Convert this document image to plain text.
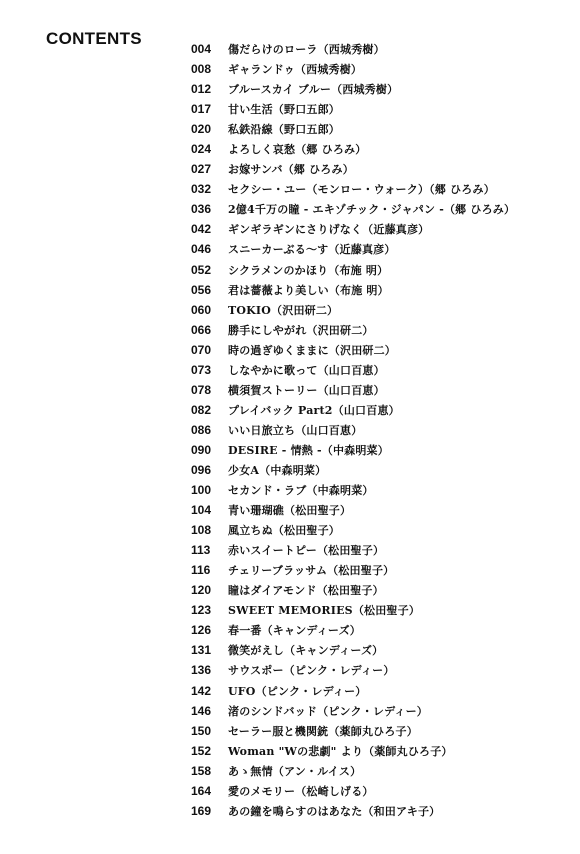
CONTENTS
004	傷だらけのローラ（西城秀樹）
008	ギャランドゥ（西城秀樹）
012	ブルースカイ ブルー（西城秀樹）
017	甘い生活（野口五郎）
020	私鉄沿線（野口五郎）
024	よろしく哀愁（郷 ひろみ）
027	お嫁サンバ（郷 ひろみ）
032	セクシー・ユー（モンロー・ウォーク）（郷 ひろみ）
036	2億4千万の瞳 - エキゾチック・ジャパン -（郷 ひろみ）
042	ギンギラギンにさりげなく（近藤真彦）
046	スニーカーぶる～す（近藤真彦）
052	シクラメンのかほり（布施 明）
056	君は薔薇より美しい（布施 明）
060	TOKIO（沢田研二）
066	勝手にしやがれ（沢田研二）
070	時の過ぎゆくままに（沢田研二）
073	しなやかに歌って（山口百恵）
078	横須賀ストーリー（山口百恵）
082	プレイバック Part2（山口百恵）
086	いい日旅立ち（山口百恵）
090	DESIRE - 情熱 -（中森明菜）
096	少女A（中森明菜）
100	セカンド・ラブ（中森明菜）
104	青い珊瑚礁（松田聖子）
108	風立ちぬ（松田聖子）
113	赤いスイートピー（松田聖子）
116	チェリーブラッサム（松田聖子）
120	瞳はダイアモンド（松田聖子）
123	SWEET MEMORIES（松田聖子）
126	春一番（キャンディーズ）
131	微笑がえし（キャンディーズ）
136	サウスポー（ピンク・レディー）
142	UFO（ピンク・レディー）
146	渚のシンドバッド（ピンク・レディー）
150	セーラー服と機関銃（薬師丸ひろ子）
152	Woman "Wの悲劇" より（薬師丸ひろ子）
158	あゝ無情（アン・ルイス）
164	愛のメモリー（松崎しげる）
169	あの鐘を鳴らすのはあなた（和田アキ子）
